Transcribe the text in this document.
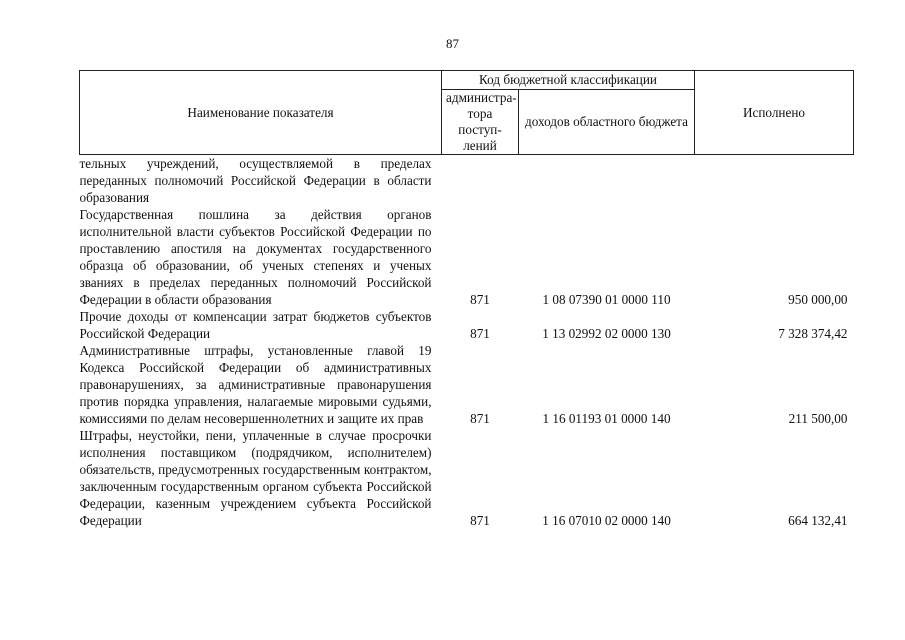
87
Наименование показателя	Код бюджетной классификации		Исполнено
	администра-тора поступ-лений	доходов областного бюджета	

тельных учреждений, осуществляемой в пределах переданных полномочий Российской Федерации в области образования			

Государственная пошлина за действия органов исполнительной власти субъектов Российской Федерации по проставлению апостиля на документах государственного образца об образовании, об ученых степенях и ученых званиях в пределах переданных полномочий Российской Федерации в области образования	871	1 08 07390 01 0000 110	950 000,00

Прочие доходы от компенсации затрат бюджетов субъектов Российской Федерации	871	1 13 02992 02 0000 130	7 328 374,42

Административные штрафы, установленные главой 19 Кодекса Российской Федерации об административных правонарушениях, за административные правонарушения против порядка управления, налагаемые мировыми судьями, комиссиями по делам несовершеннолетних и защите их прав	871	1 16 01193 01 0000 140	211 500,00

Штрафы, неустойки, пени, уплаченные в случае просрочки исполнения поставщиком (подрядчиком, исполнителем) обязательств, предусмотренных государственным контрактом, заключенным государственным органом субъекта Российской Федерации, казенным учреждением субъекта Российской Федерации	871	1 16 07010 02 0000 140	664 132,41
